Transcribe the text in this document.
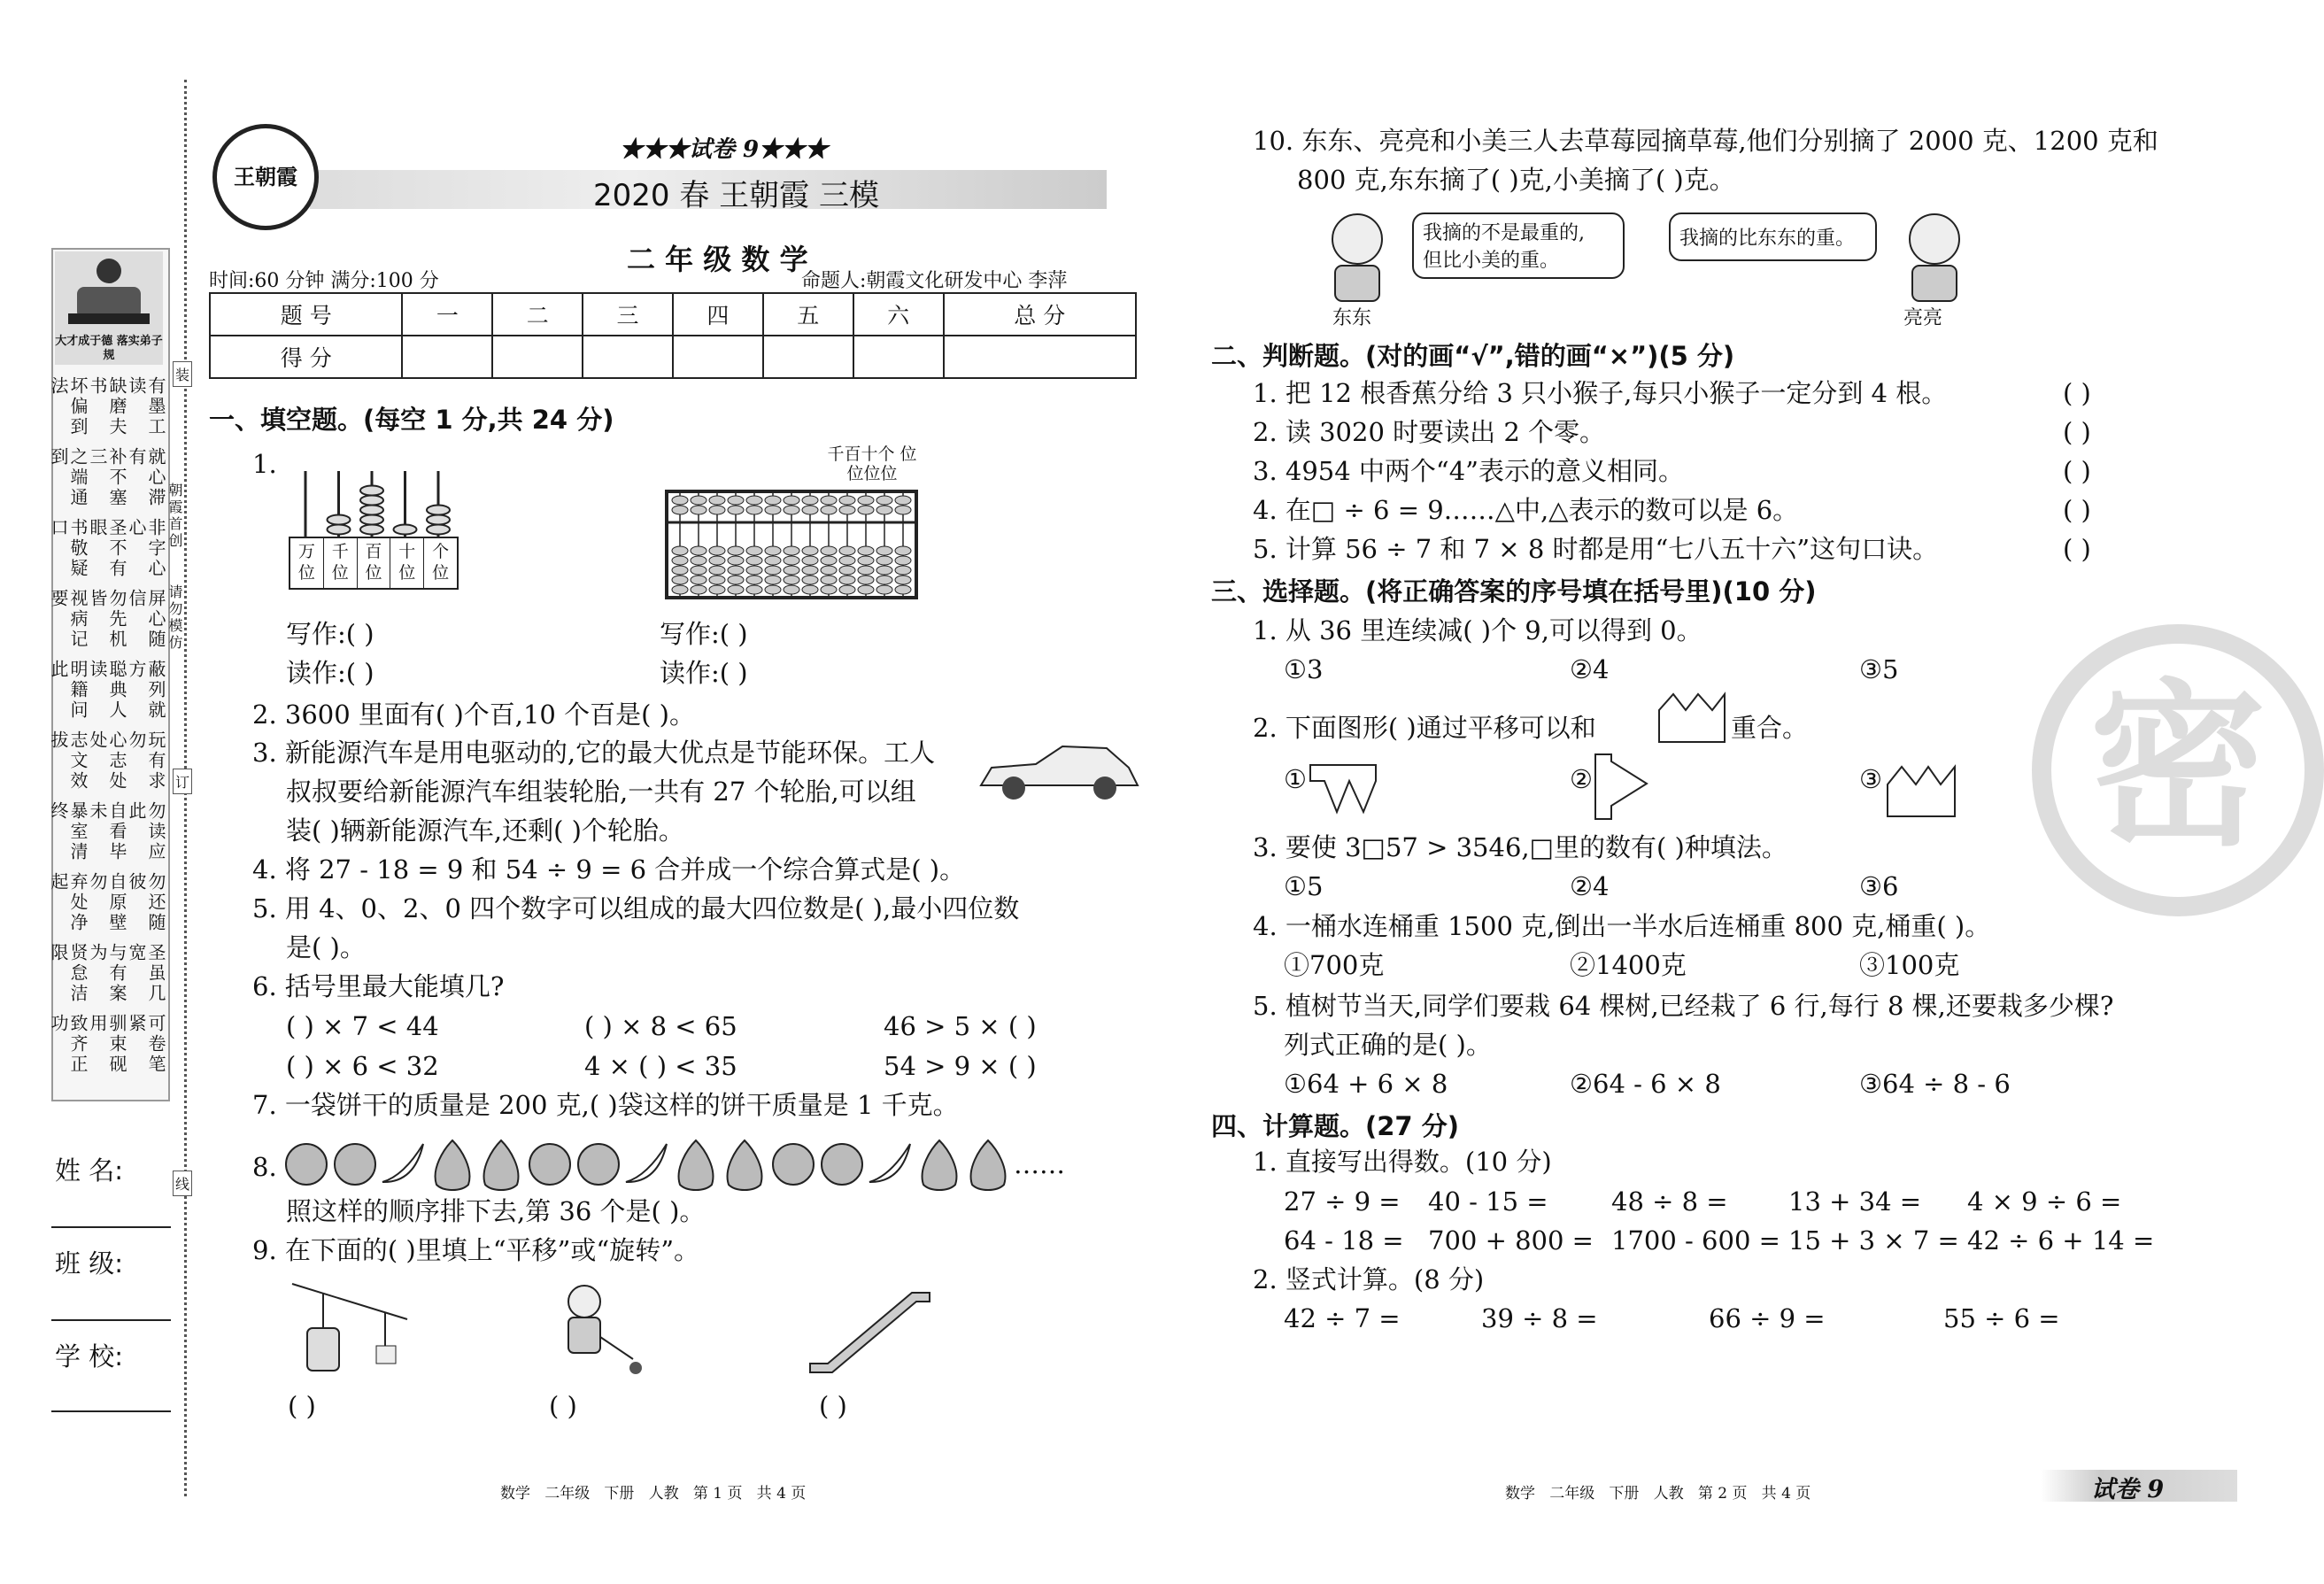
大才成于德 落实弟子规
有墨工读
缺磨夫书
坏偏到法
就心滞有
补不塞三
之端通到
非字心心
圣不有眼
书敬疑口
屏心随信
勿先机皆
视病记要
蔽列就方
聪典人读
明籍问此
玩有求勿
心志处处
志文效拔
勿读应此
自看毕未
暴室清终
勿还随彼
自原壁勿
弃处净起
圣虽几宽
与有案为
贤怠洁限
可卷笔紧
驯束砚用
致齐正功
装
订
线
朝霞首创
请勿模仿
姓 名:
班 级:
学 校:
王朝霞
★★★试卷 9★★★
2020 春 王朝霞 三模
二 年 级 数 学
时间:60 分钟 满分:100 分	命题人:朝霞文化研发中心 李萍
题 号	一	二	三	四	五	六	总 分
得 分							
一、填空题。(每空 1 分,共 24 分)
1.
万位
千位
百位
十位
个位
千百十个 位位位位
写作:( )
读作:( )
写作:( )
读作:( )
2. 3600 里面有( )个百,10 个百是( )。
3. 新能源汽车是用电驱动的,它的最大优点是节能环保。工人
叔叔要给新能源汽车组装轮胎,一共有 27 个轮胎,可以组
装( )辆新能源汽车,还剩( )个轮胎。
4. 将 27 - 18 = 9 和 54 ÷ 9 = 6 合并成一个综合算式是( )。
5. 用 4、0、2、0 四个数字可以组成的最大四位数是( ),最小四位数
是( )。
6. 括号里最大能填几?
( ) × 7 < 44	( ) × 8 < 65	46 > 5 × ( )
( ) × 6 < 32	4 × ( ) < 35	54 > 9 × ( )
7. 一袋饼干的质量是 200 克,( )袋这样的饼干质量是 1 千克。
8.	……
照这样的顺序排下去,第 36 个是( )。
9. 在下面的( )里填上“平移”或“旋转”。
( )	( )	( )
数学   二年级   下册   人教   第 1 页   共 4 页
10. 东东、亮亮和小美三人去草莓园摘草莓,他们分别摘了 2000 克、1200 克和
800 克,东东摘了( )克,小美摘了( )克。
我摘的不是最重的,
但比小美的重。
我摘的比东东的重。
东东	亮亮
二、判断题。(对的画“√”,错的画“×”)(5 分)
1. 把 12 根香蕉分给 3 只小猴子,每只小猴子一定分到 4 根。	( )
2. 读 3020 时要读出 2 个零。	( )
3. 4954 中两个“4”表示的意义相同。	( )
4. 在□ ÷ 6 = 9……△中,△表示的数可以是 6。	( )
5. 计算 56 ÷ 7 和 7 × 8 时都是用“七八五十六”这句口诀。	( )
三、选择题。(将正确答案的序号填在括号里)(10 分)
1. 从 36 里连续减( )个 9,可以得到 0。
①3	②4	③5
2. 下面图形( )通过平移可以和	重合。
①	②	③
3. 要使 3□57 > 3546,□里的数有( )种填法。
①5	②4	③6
4. 一桶水连桶重 1500 克,倒出一半水后连桶重 800 克,桶重( )。
①700克	②1400克	③100克
5. 植树节当天,同学们要栽 64 棵树,已经栽了 6 行,每行 8 棵,还要栽多少棵?
列式正确的是( )。
①64 + 6 × 8	②64 - 6 × 8	③64 ÷ 8 - 6
四、计算题。(27 分)
1. 直接写出得数。(10 分)
27 ÷ 9 = 40 - 15 = 48 ÷ 8 = 13 + 34 = 4 × 9 ÷ 6 =
64 - 18 = 700 + 800 = 1700 - 600 = 15 + 3 × 7 = 42 ÷ 6 + 14 =
2. 竖式计算。(8 分)
42 ÷ 7 =	39 ÷ 8 =	66 ÷ 9 =	55 ÷ 6 =
密
数学   二年级   下册   人教   第 2 页   共 4 页	试卷 9
